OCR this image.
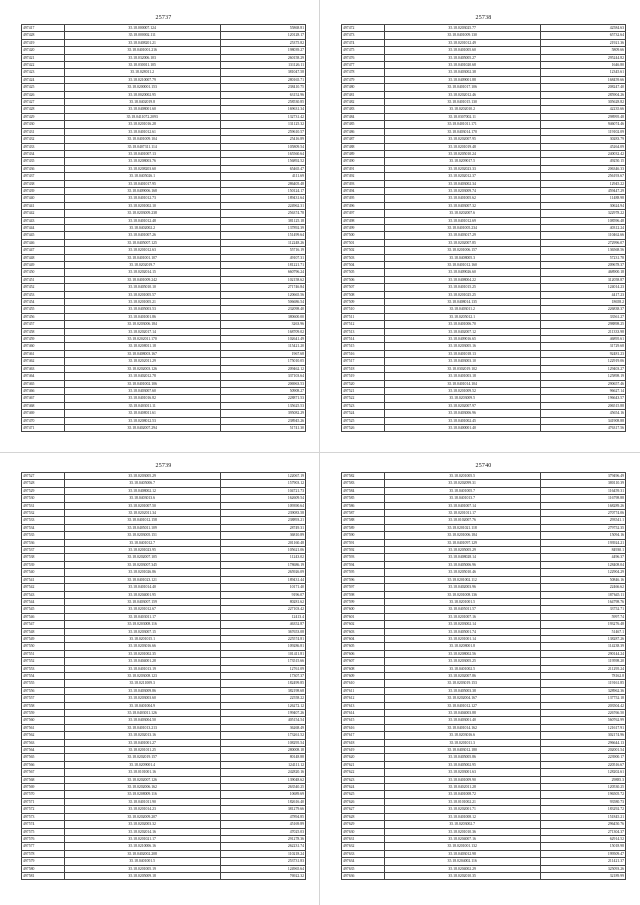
25737
497417	35.18.000007.124	55868.81
497428	35.18.000002.111	120128.17
497419	35.18.0408201.21	25375.82
497420	35.18.0401001.216	198039.27
497421	35.18.032006.103	260158.29
497422	35.18.030011.105	131126.11
497423	35.18.028011.2	381047.58
497424	35.18.0210007.79	280165.71
497425	35.18.0200001.153	238410.75
497426	35.18.0020002.95	63152.96
497427	35.18.0402019.8	258530.85
497428	35.18.0408001.60	169631.34
497429	35.18.0411072.2093	132731.42
497430	35.18.0201016.28	131125.32
497431	35.18.0401012.61	259610.57
497432	35.18.0401009.104	25416.89
497433	35.18.0407311.114	105809.54
497434	35.18.0401007.13	165560.64
497435	35.18.0208003.76	156892.52
497436	35.18.0208203.60	65465.47
497437	35.18.0405026.1	4111.69
497438	35.18.0401017.95	286405.48
497439	35.18.0409006.168	150124.17
497440	35.18.0401012.73	189431.64
497441	35.18.0201002.10	224962.31
497442	35.18.0203009.238	256374.78
497443	35.18.0401012.48	381125.18
497444	35.18.0402002.2	137892.39
497445	35.18.0401007.26	151499.64
497446	35.18.0405007.125	112248.26
497447	35.18.0201012.63	55716.19
497448	35.18.0401001.107	49107.31
497449	35.18.0202019.7	181221.71
497450	35.18.0202014.15	660796.24
497451	35.18.0401009.242	102158.62
497452	35.18.0405010.10	271746.84
497453	35.18.0201005.57	120665.56
497454	35.18.0201005.21	506686.54
497455	35.18.0405003.53	232098.40
497456	35.18.0401001.86	380600.00
497457	35.18.0203006.184	3263.96
497458	35.18.0202017.14	168709.02
497459	35.18.0202011.170	102641.49
497460	35.18.0208011.18	115421.20
497461	35.18.0408003.167	1967.68
497462	35.18.0202011.29	175010.05
497463	35.18.0202003.126	209462.12
497464	35.18.0402012.78	337103.64
497465	35.18.0401002.106	206963.53
497466	35.18.0403007.60	50908.27
497467	35.18.0401016.82	228871.53
497468	35.18.0403011.11	135625.53
497469	35.18.0408011.61	395082.29
497470	35.18.0208012.53	238945.26
497471	35.18.0402007.294	51741.30
25738
497472	35.18.0203025.77	42584.63
497473	35.18.0401009.130	65732.64
497474	35.18.0201012.49	21921.36
497475	35.18.0401005.60	5809.66
497476	35.18.0405005.27	295244.82
497477	35.18.0401020.68	1646.80
497478	35.18.0403002.38	12345.61
497479	35.18.0409001.88	168459.66
497480	35.18.0401017.106	208247.40
497481	35.18.0202012.46	285904.26
497482	35.18.0401015.130	305628.82
497483	35.18.0202010.2	42235.66
497484	35.18.0307002.11	298995.48
497485	35.18.0401011.171	946074.46
497486	35.18.0403014.170	119102.09
497487	35.18.0202007.95	30283.79
497488	35.18.0201019.48	45264.09
497489	35.18.0205010.24	240032.42
497490	35.18.0209017.5	49250.15
497491	35.18.0202023.33	206346.33
497492	35.18.0202012.37	256193.67
497493	35.18.0403002.34	12945.22
497494	35.18.0203009.74	459447.29
497495	35.18.0401005.62	11488.98
497496	35.18.0403007.32	30624.94
497497	35.18.0202007.6	322978.22
497498	35.18.0401012.69	108596.48
497499	35.18.0401005.234	40312.24
497500	35.18.0403017.29	110462.66
497501	35.18.0202007.85	272996.07
497502	35.18.0201006.157	136568.56
497503	35.18.0408005.3	57231.78
497504	35.18.0401012.160	209678.37
497505	35.18.0409026.60	468900.18
497506	35.18.0408004.22	312058.87
497507	35.18.0401015.25	124014.23
497508	35.18.0201025.25	4417.23
497509	35.18.0408014.135	18658.2
497510	35.18.0403011.2	226838.37
497511	35.18.0205012.1	33561.27
497512	35.18.0401006.70	298898.25
497513	35.18.0402007.12	211333.98
497514	35.18.0409016.65	46895.61
497515	35.18.0203005.16	31729.68
497516	35.18.0401018.13	92481.23
497517	35.18.0403003.10	122919.06
497518	35.18.0302019.102	129403.27
497519	35.18.0401003.18	125898.19
497520	35.18.0401014.104	290657.46
497521	35.18.0201009.52	96627.14
497522	35.18.0203009.5	196643.57
497523	35.18.0202007.97	206515.88
497524	35.18.0403006.96	45654.16
497525	35.18.0401002.45	341908.88
497526	35.18.0400001.40	476317.56
25739
497527	35.18.0203005.29	122067.19
497528	35.18.0405006.7	157903.12
497529	35.18.0408002.12	104721.73
497530	35.18.0403013.6	162609.54
497531	35.18.0201007.50	109390.64
497532	35.18.0202011.34	239083.58
497533	35.18.0401012.158	238893.21
497534	35.18.0405011.109	28749.31
497535	35.18.0203005.151	36810.89
497536	35.18.0401012.7	201160.48
497537	35.18.0201023.95	105621.06
497538	35.18.0202007.105	11243.02
497539	35.18.0203007.345	178686.19
497540	35.18.0201026.86	265926.09
497541	35.18.0401023.121	189431.44
497542	35.18.0401014.40	10171.40
497543	35.18.0204001.95	9196.07
497544	35.18.0403007.159	80281.62
497545	35.18.0201012.67	227103.42
497546	35.18.0403011.17	12413.4
497547	35.18.0203008.116	46352.87
497548	35.18.0203007.15	367653.08
497549	35.18.0201015.1	225574.81
497550	35.18.0203016.66	109286.81
497551	35.18.0201002.35	101411.81
497552	35.18.0404001.28	173515.66
497553	35.18.0401013.19	12761.09
497554	35.18.0203008.123	17307.37
497555	35.18.0211009.3	182499.85
497556	35.18.0403009.86	382198.68
497557	35.18.0203003.60	22558.22
497558	35.18.0401004.9	126272.12
497559	35.18.0403011.126	199407.26
497560	35.18.0403004.50	405154.54
497561	35.18.0401013.213	36268.49
497562	35.18.0202013.16	173261.52
497563	35.18.0401001.27	108295.54
497564	35.18.0201011.25	280008.18
497565	35.18.0202019.157	80148.88
497566	35.18.0209001.4	124111.12
497567	35.18.0101001.16	242820.16
497568	35.18.0202007.126	139048.62
497569	35.18.0202006.162	263540.25
497570	35.18.0208009.116	10689.69
497571	35.18.0401011.90	182616.40
497572	35.18.0201014.23	381279.66
497573	35.18.0202009.207	47894.85
497574	35.18.0202003.32	45169.89
497575	35.18.0202014.16	47025.03
497576	35.18.0201021.17	291278.36
497577	35.18.0210006.16	262231.74
497578	35.18.0402002.208	110218.24
497579	35.18.0401001.5	253731.83
497580	35.18.0201005.19	124965.64
497581	35.18.0205009.18	76922.32
25740
497582	35.18.0201005.5	379496.49
497583	35.18.0202099.31	380110.39
497584	35.18.0401005.7	116459.31
497585	35.18.0401013.7	116798.88
497586	35.18.0401007.14	168289.26
497587	35.18.0201011.17	270774.06
497588	35.18.0102007.76	293541.1
497589	35.18.0201021.118	279752.35
497590	35.18.0201006.184	15094.16
497591	35.18.0401097.129	193924.21
497592	35.18.0205005.29	84930.1
497593	35.18.0408028.14	4496.37
497594	35.18.0405006.96	128408.04
497595	35.18.0205010.46	122904.29
497596	35.18.0201002.112	50846.16
497597	35.18.0402003.96	22466.62
497598	35.18.0201008.136	187645.11
497599	35.18.0201001.5	164798.76
497600	35.18.0405011.57	33752.71
497601	35.18.0201007.16	5997.74
497602	35.18.0203002.14	193276.48
497603	35.18.0405001.74	51467.1
497604	35.18.0201001.14	138287.26
497605	35.18.0208001.8	114238.39
497606	35.18.0208002.56	290144.24
497607	35.18.0203005.25	119598.20
497608	35.18.0401002.5	211295.24
497609	35.18.0202007.86	78162.8
497610	35.18.0203019.153	119161.85
497611	35.18.0405003.38	328962.36
497612	35.18.0202004.167	137752.18
497613	35.18.0401012.127	203504.42
497614	35.18.0404003.88	226766.50
497615	35.18.0403001.40	560762.99
497616	35.18.0401014.162	121617.91
497617	35.18.0203016.6	302174.96
497618	35.18.0201011.3	296644.13
497619	35.18.0403012.180	202001.54
497620	35.18.0405005.86	223900.17
497621	35.18.0405002.95	220516.67
497622	35.18.0203001.63	128202.61
497623	35.18.0401009.90	29885.3
497624	35.18.0402011.28	120530.25
497625	35.18.0401008.72	196505.72
497626	35.18.0101002.21	93580.73
497627	35.18.0202001.71	183292.72
497628	35.18.0401008.12	151845.21
497629	35.18.0203002.7	296450.76
497630	35.18.0201010.36	271304.37
497631	35.18.0204007.16	62914.52
497632	35.18.0201001.132	15018.98
497633	35.18.0403012.98	199509.47
497634	35.18.0204002.116	211421.37
497635	35.18.0204002.29	325093.26
497636	35.18.0202010.35	32189.99
